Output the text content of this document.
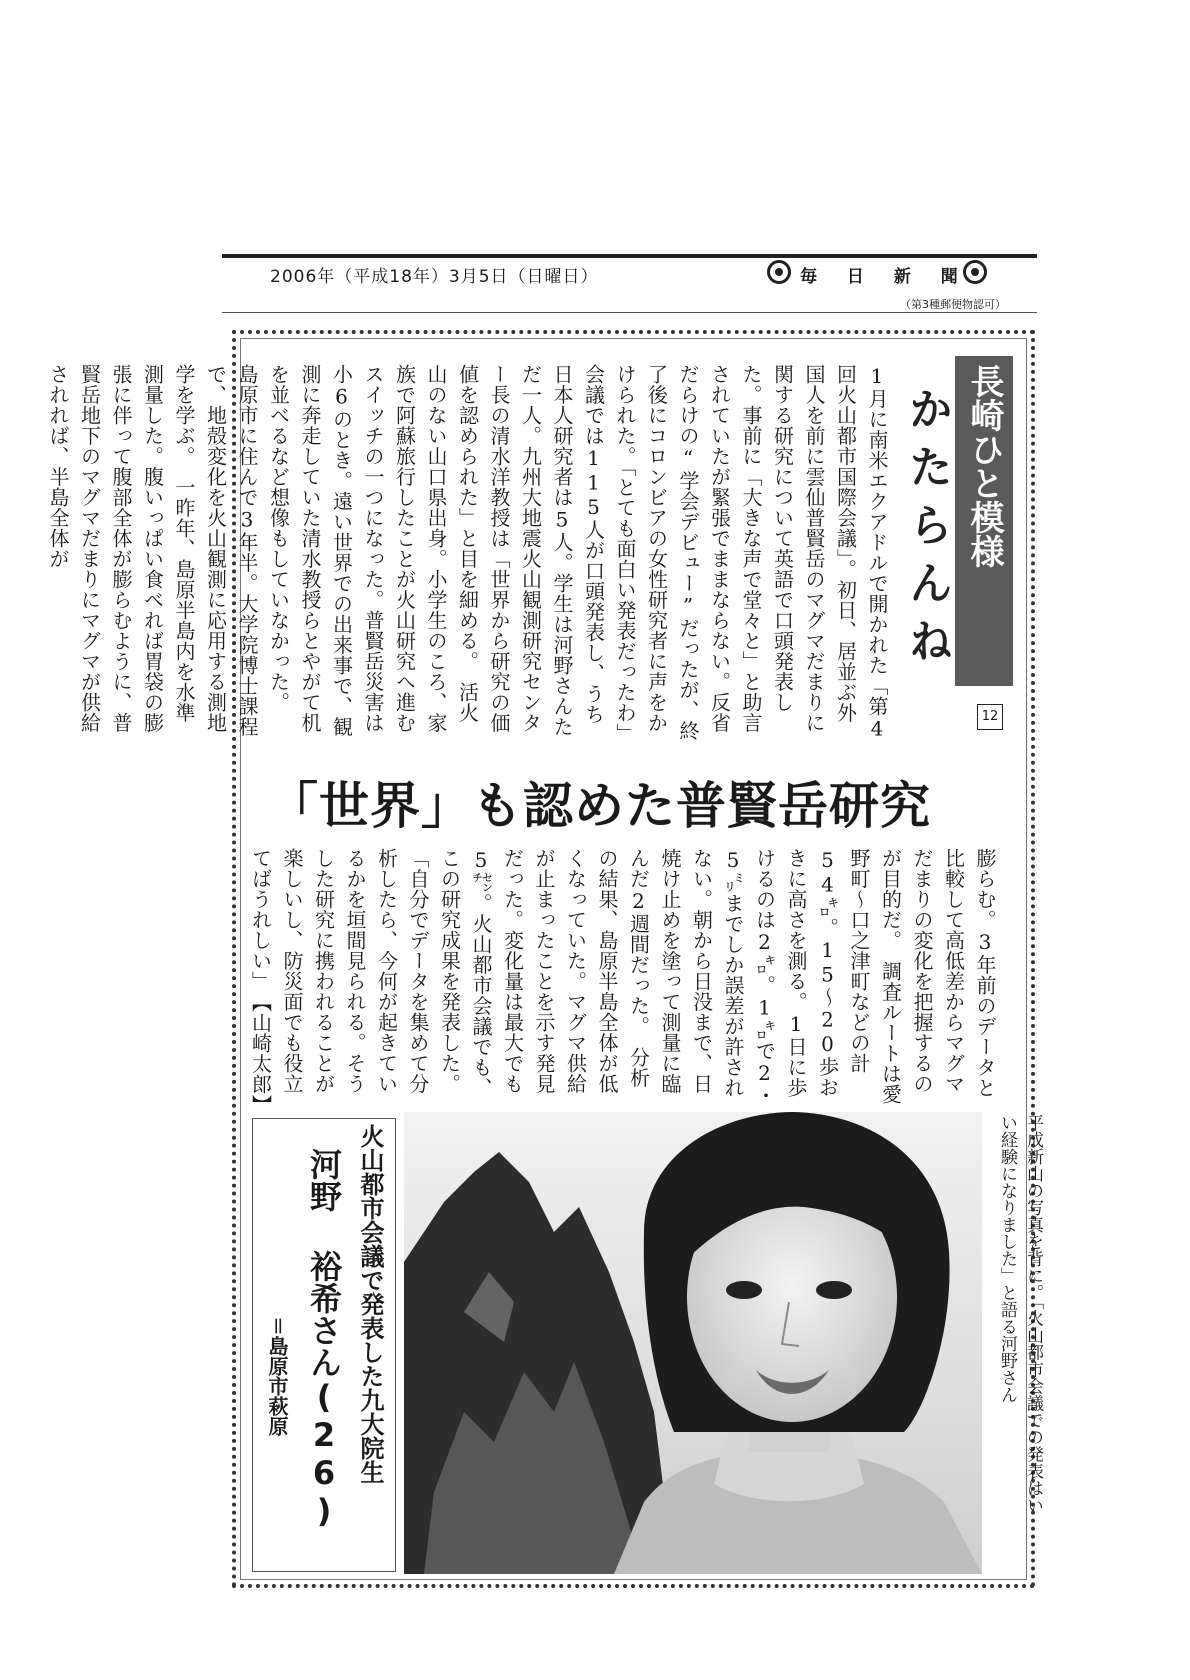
2006年（平成18年）3月5日（日曜日）	毎 日 新 聞
（第3種郵便物認可）
長崎ひと模様
かたらんね
12
1月に南米エクアドルで開かれた「第4回火山都市国際会議」。初日、居並ぶ外国人を前に雲仙普賢岳のマグマだまりに関する研究について英語で口頭発表した。事前に「大きな声で堂々と」と助言されていたが緊張でままならない。反省だらけの“学会デビュー”だったが、終了後にコロンビアの女性研究者に声をかけられた。「とても面白い発表だったわ」　会議では115人が口頭発表し、うち日本人研究者は5人。学生は河野さんただ一人。九州大地震火山観測研究センター長の清水洋教授は「世界から研究の価値を認められた」と目を細める。　活火山のない山口県出身。小学生のころ、家族で阿蘇旅行したことが火山研究へ進むスイッチの一つになった。普賢岳災害は小6のとき。遠い世界での出来事で、観測に奔走していた清水教授らとやがて机を並べるなど想像もしていなかった。　島原市に住んで3年半。大学院博士課程で、地殻変化を火山観測に応用する測地学を学ぶ。　一昨年、島原半島内を水準測量した。腹いっぱい食べれば胃袋の膨張に伴って腹部全体が膨らむように、普賢岳地下のマグマだまりにマグマが供給されれば、半島全体が
「世界」も認めた普賢岳研究
膨らむ。3年前のデータと比較して高低差からマグマだまりの変化を把握するのが目的だ。　調査ルートは愛野町〜口之津町などの計54㌔。15〜20歩おきに高さを測る。1日に歩けるのは2㌔。1㌔で2・5㍉までしか誤差が許されない。朝から日没まで、日焼け止めを塗って測量に臨んだ2週間だった。　分析の結果、島原半島全体が低くなっていた。マグマ供給が止まったことを示す発見だった。変化量は最大でも5㌢。火山都市会議でも、この研究成果を発表した。　「自分でデータを集めて分析したら、今何が起きているかを垣間見られる。そうした研究に携われることが楽しいし、防災面でも役立てばうれしい」　【山崎太郎】
平成新山の写真を背に。「火山都市会議での発表はいい経験になりました」と語る河野さん
火山都市会議で発表した九大院生
河野 裕希さん(26)
＝島原市萩原
